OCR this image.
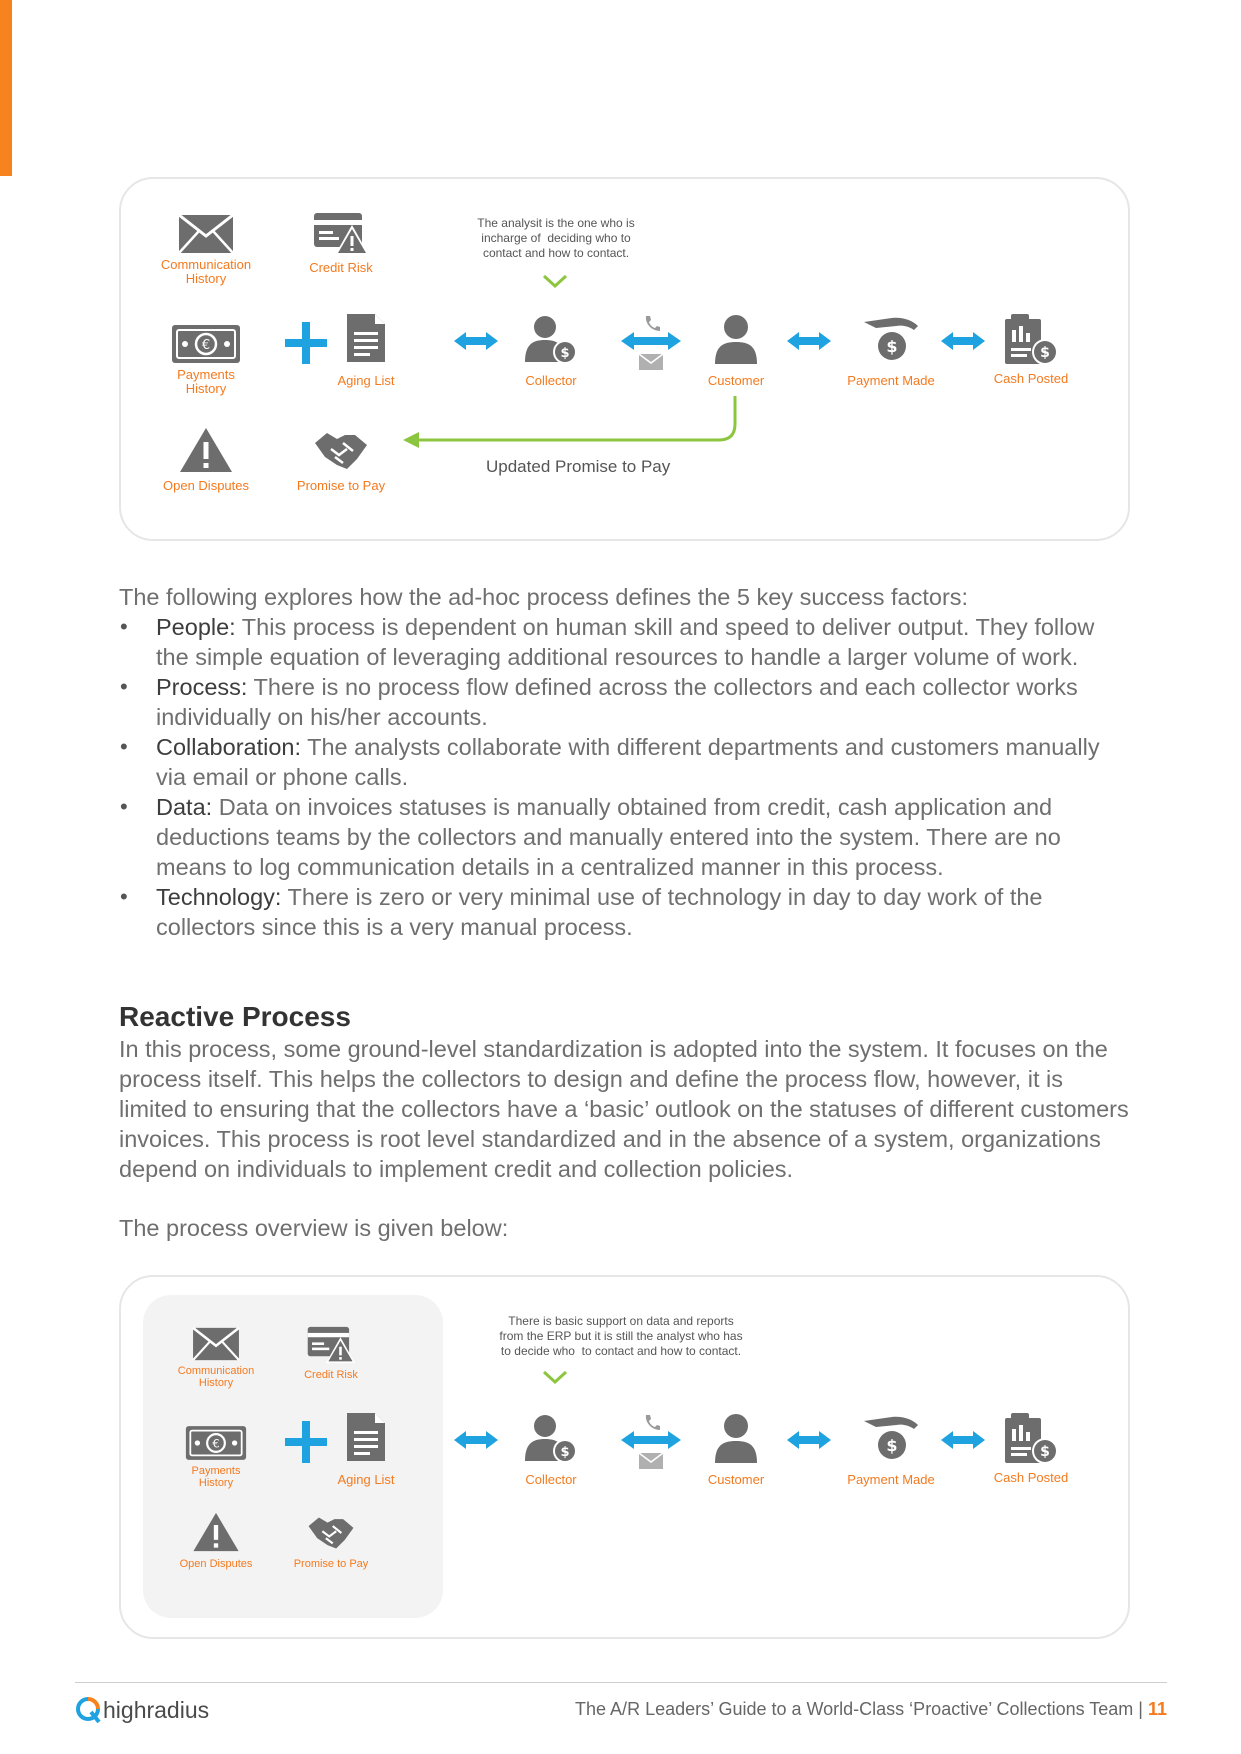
Communication
History
Credit Risk
The analysit is the one who is
incharge of  deciding who to
contact and how to contact.
€
Payments
History
Aging List
$
Collector	Customer
$
Payment Made
$
Cash Posted
Open Disputes	Promise to Pay
Updated Promise to Pay
The following explores how the ad-hoc process defines the 5 key success factors:
• People: This process is dependent on human skill and speed to deliver output. They follow the simple equation of leveraging additional resources to handle a larger volume of work.
• Process: There is no process flow defined across the collectors and each collector works individually on his/her accounts.
• Collaboration: The analysts collaborate with different departments and customers manually via email or phone calls.
• Data: Data on invoices statuses is manually obtained from credit, cash application and deductions teams by the collectors and manually entered into the system. There are no means to log communication details in a centralized manner in this process.
• Technology: There is zero or very minimal use of technology in day to day work of the collectors since this is a very manual process.
Reactive Process
In this process, some ground-level standardization is adopted into the system. It focuses on the process itself. This helps the collectors to design and define the process flow, however, it is limited to ensuring that the collectors have a ‘basic’ outlook on the statuses of different customers invoices. This process is root level standardized and in the absence of a system, organizations depend on individuals to implement credit and collection policies.
The process overview is given below:
Communication
History
Credit Risk
There is basic support on data and reports
from the ERP but it is still the analyst who has
to decide who  to contact and how to contact.
€
Payments
History	Aging List
$
Collector	Customer
$
Payment Made
$
Cash Posted
Open Disputes	Promise to Pay
highradius	The A/R Leaders’ Guide to a World-Class ‘Proactive’ Collections Team | 11
